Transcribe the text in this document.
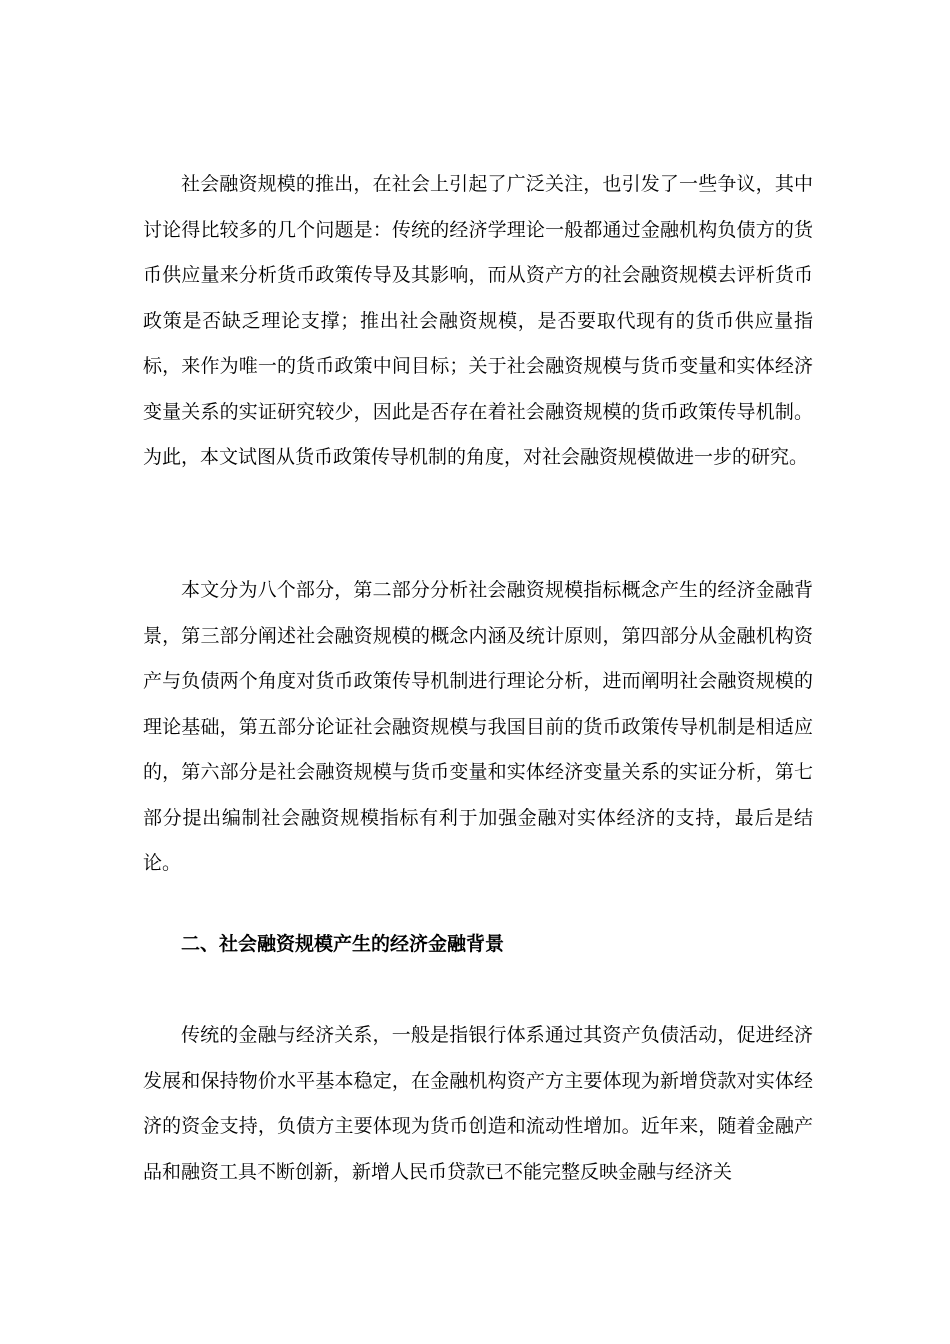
社会融资规模的推出，在社会上引起了广泛关注，也引发了一些争议，其中讨论得比较多的几个问题是：传统的经济学理论一般都通过金融机构负债方的货币供应量来分析货币政策传导及其影响，而从资产方的社会融资规模去评析货币政策是否缺乏理论支撑；推出社会融资规模，是否要取代现有的货币供应量指标，来作为唯一的货币政策中间目标；关于社会融资规模与货币变量和实体经济变量关系的实证研究较少，因此是否存在着社会融资规模的货币政策传导机制。为此，本文试图从货币政策传导机制的角度，对社会融资规模做进一步的研究。

本文分为八个部分，第二部分分析社会融资规模指标概念产生的经济金融背景，第三部分阐述社会融资规模的概念内涵及统计原则，第四部分从金融机构资产与负债两个角度对货币政策传导机制进行理论分析，进而阐明社会融资规模的理论基础，第五部分论证社会融资规模与我国目前的货币政策传导机制是相适应的，第六部分是社会融资规模与货币变量和实体经济变量关系的实证分析，第七部分提出编制社会融资规模指标有利于加强金融对实体经济的支持，最后是结论。

二、社会融资规模产生的经济金融背景

传统的金融与经济关系，一般是指银行体系通过其资产负债活动，促进经济发展和保持物价水平基本稳定，在金融机构资产方主要体现为新增贷款对实体经济的资金支持，负债方主要体现为货币创造和流动性增加。近年来，随着金融产品和融资工具不断创新，新增人民币贷款已不能完整反映金融与经济关
